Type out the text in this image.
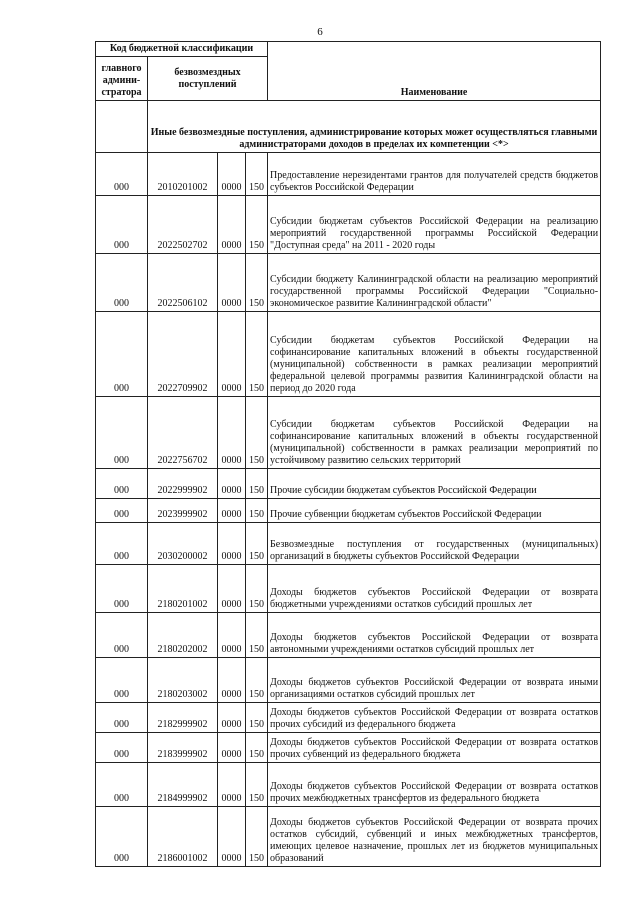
6
Код бюджетной классификации				Наименование
главного админи-стратора	безвозмездных поступлений			
	Иные безвозмездные поступления, администрирование которых может осуществляться главными администраторами доходов в пределах их компетенции <*>			
000	2010201002	0000	150	Предоставление нерезидентами грантов для получателей средств бюджетов субъектов Российской Федерации
000	2022502702	0000	150	Субсидии бюджетам субъектов Российской Федерации на реализацию мероприятий государственной программы Российской Федерации "Доступная среда" на 2011 - 2020 годы
000	2022506102	0000	150	Субсидии бюджету Калининградской области на реализацию мероприятий государственной программы Российской Федерации "Социально-экономическое развитие Калининградской области"
000	2022709902	0000	150	Субсидии бюджетам субъектов Российской Федерации на софинансирование капитальных вложений в объекты государственной (муниципальной) собственности в рамках реализации мероприятий федеральной целевой программы развития Калининградской области на период до 2020 года
000	2022756702	0000	150	Субсидии бюджетам субъектов Российской Федерации на софинансирование капитальных вложений в объекты государственной (муниципальной) собственности в рамках реализации мероприятий по устойчивому развитию сельских территорий
000	2022999902	0000	150	Прочие субсидии бюджетам субъектов Российской Федерации
000	2023999902	0000	150	Прочие субвенции бюджетам субъектов Российской Федерации
000	2030200002	0000	150	Безвозмездные поступления от государственных (муниципальных) организаций в бюджеты субъектов Российской Федерации
000	2180201002	0000	150	Доходы бюджетов субъектов Российской Федерации от возврата бюджетными учреждениями остатков субсидий прошлых лет
000	2180202002	0000	150	Доходы бюджетов субъектов Российской Федерации от возврата автономными учреждениями остатков субсидий прошлых лет
000	2180203002	0000	150	Доходы бюджетов субъектов Российской Федерации от возврата иными организациями остатков субсидий прошлых лет
000	2182999902	0000	150	Доходы бюджетов субъектов Российской Федерации от возврата остатков прочих субсидий из федерального бюджета
000	2183999902	0000	150	Доходы бюджетов субъектов Российской Федерации от возврата остатков прочих субвенций из федерального бюджета
000	2184999902	0000	150	Доходы бюджетов субъектов Российской Федерации от возврата остатков прочих межбюджетных трансфертов из федерального бюджета
000	2186001002	0000	150	Доходы бюджетов субъектов Российской Федерации от возврата прочих остатков субсидий, субвенций и иных межбюджетных трансфертов, имеющих целевое назначение, прошлых лет из бюджетов муниципальных образований
